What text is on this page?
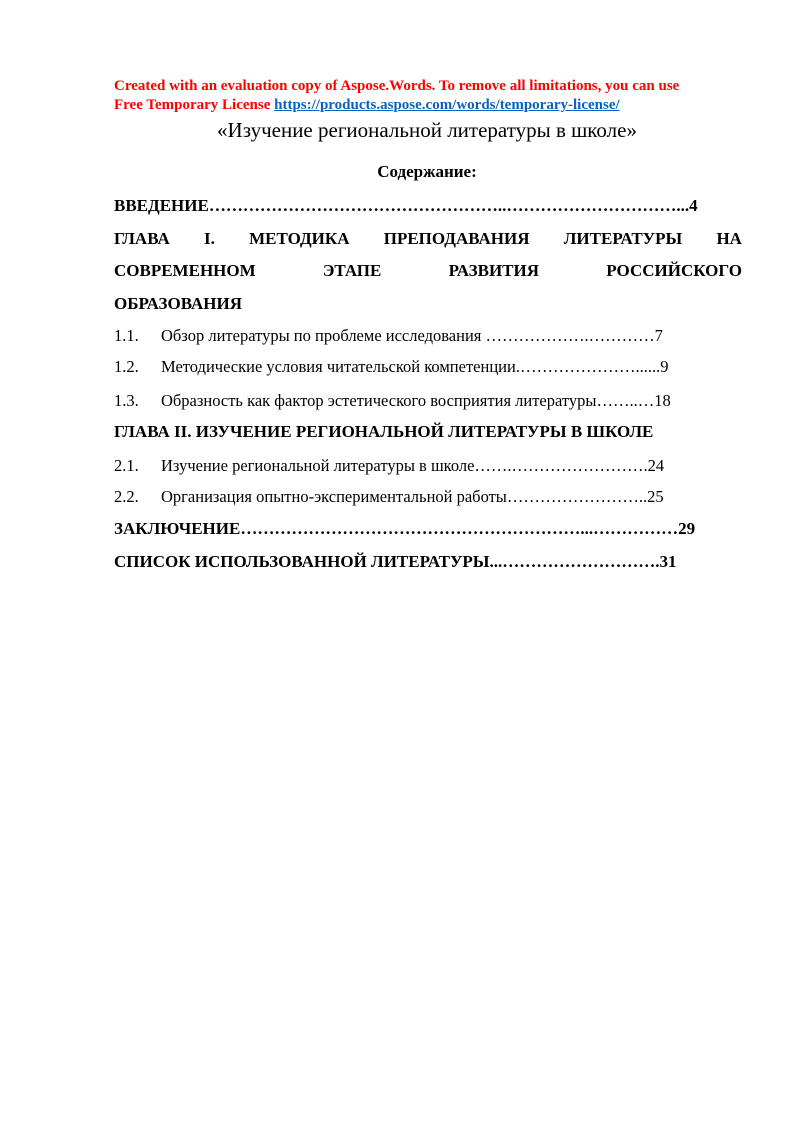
Created with an evaluation copy of Aspose.Words. To remove all limitations, you can use
Free Temporary License https://products.aspose.com/words/temporary-license/
«Изучение региональной литературы в школе»
Содержание:
ВВЕДЕНИЕ……………………………………………..…………………………...4
ГЛАВА I. МЕТОДИКА ПРЕПОДАВАНИЯ ЛИТЕРАТУРЫ НА
СОВРЕМЕННОМ	ЭТАПЕ	РАЗВИТИЯ	РОССИЙСКОГО
ОБРАЗОВАНИЯ
1.1. Обзор литературы по проблеме исследования ……………….…………7
1.2. Методические условия читательской компетенции.…………………......9
1.3. Образность как фактор эстетического восприятия литературы……..…18
ГЛАВА II. ИЗУЧЕНИЕ РЕГИОНАЛЬНОЙ ЛИТЕРАТУРЫ В ШКОЛЕ
2.1. Изучение региональной литературы в школе…….…………………….24
2.2. Организация опытно-экспериментальной работы……………………..25
ЗАКЛЮЧЕНИЕ……………………………………………………...……………29
СПИСОК ИСПОЛЬЗОВАННОЙ ЛИТЕРАТУРЫ...……………………….31
